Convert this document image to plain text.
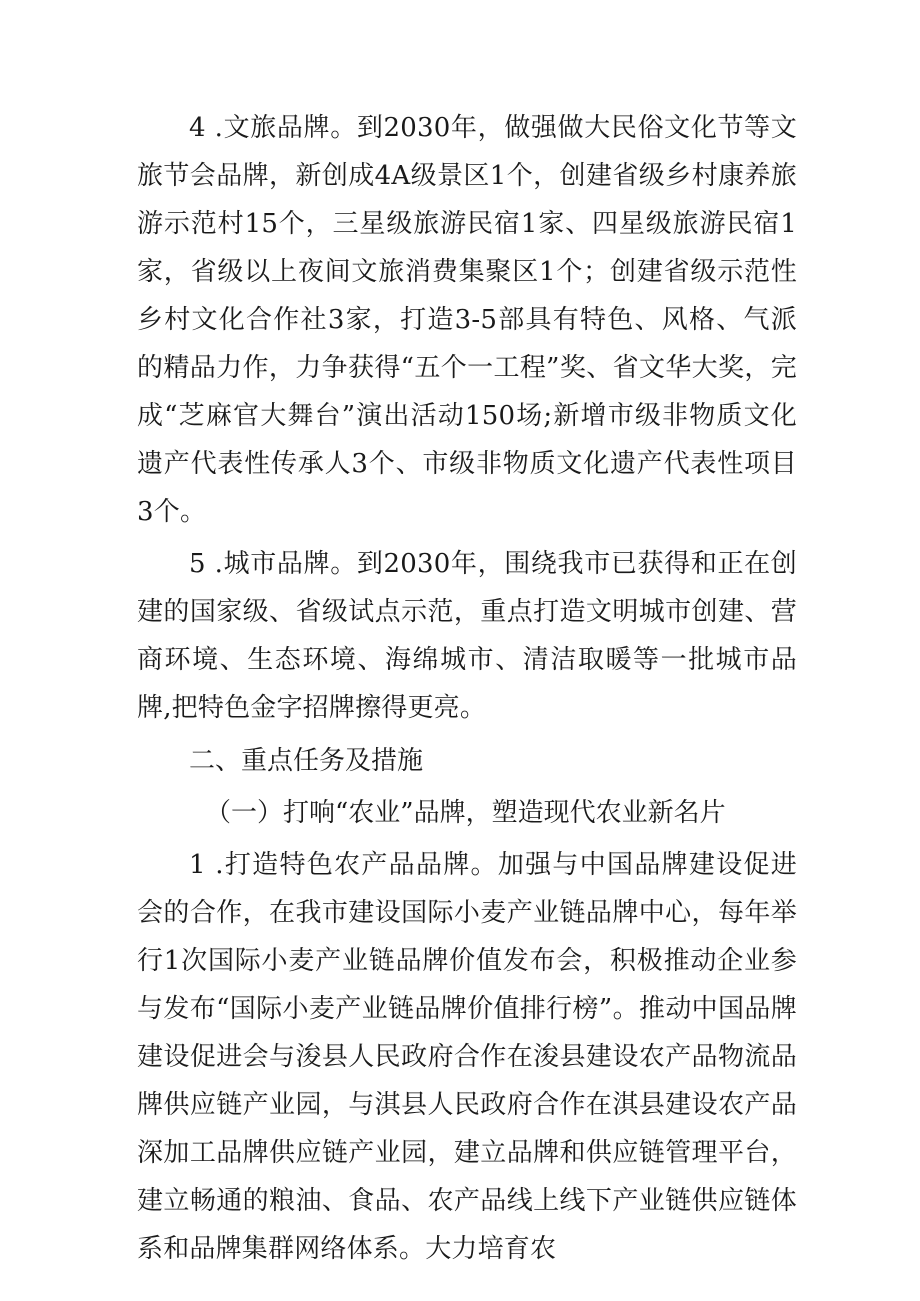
4 .文旅品牌。到2030年，做强做大民俗文化节等文旅节会品牌，新创成4A级景区1个，创建省级乡村康养旅游示范村15个，三星级旅游民宿1家、四星级旅游民宿1家，省级以上夜间文旅消费集聚区1个；创建省级示范性乡村文化合作社3家，打造3-5部具有特色、风格、气派的精品力作，力争获得“五个一工程”奖、省文华大奖，完成“芝麻官大舞台”演出活动150场;新增市级非物质文化遗产代表性传承人3个、市级非物质文化遗产代表性项目3个。

5 .城市品牌。到2030年，围绕我市已获得和正在创建的国家级、省级试点示范，重点打造文明城市创建、营商环境、生态环境、海绵城市、清洁取暖等一批城市品牌,把特色金字招牌擦得更亮。

二、重点任务及措施

（一）打响“农业”品牌，塑造现代农业新名片

1 .打造特色农产品品牌。加强与中国品牌建设促进会的合作，在我市建设国际小麦产业链品牌中心，每年举行1次国际小麦产业链品牌价值发布会，积极推动企业参与发布“国际小麦产业链品牌价值排行榜”。推动中国品牌建设促进会与浚县人民政府合作在浚县建设农产品物流品牌供应链产业园，与淇县人民政府合作在淇县建设农产品深加工品牌供应链产业园，建立品牌和供应链管理平台，建立畅通的粮油、食品、农产品线上线下产业链供应链体系和品牌集群网络体系。大力培育农
